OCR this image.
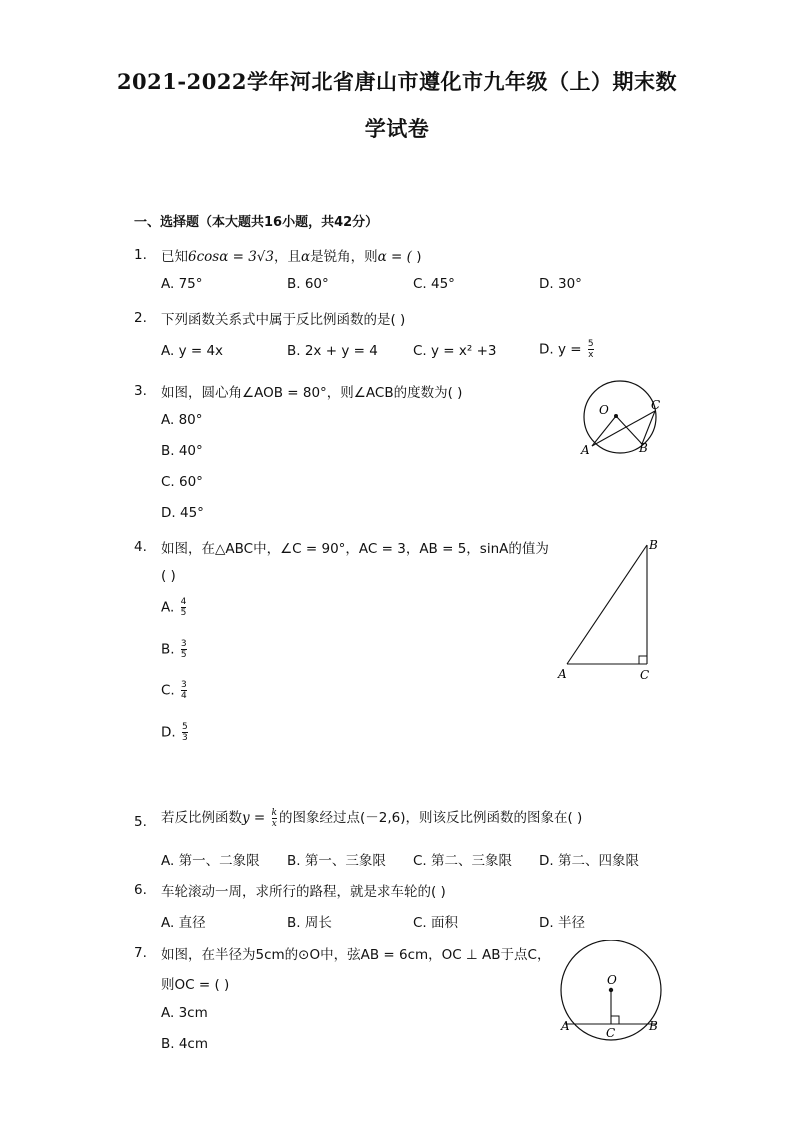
2021-2022学年河北省唐山市遵化市九年级（上）期末数
学试卷
一、选择题（本大题共16小题，共42分）
1.	已知6cosα = 3√3，且α是锐角，则α = ( )
A. 75°	B. 60°	C. 45°	D. 30°
2.	下列函数关系式中属于反比例函数的是( )
A. y = 4x	B. 2x + y = 4	C. y = x² +3	D. $y = \frac{5}{x}$
3.	如图，圆心角∠AOB = 80°，则∠ACB的度数为( )
A. 80°
B. 40°
C. 60°
D. 45°
O
A	B
C
4.	如图，在△ABC中，∠C = 90°，AC = 3，AB = 5，sinA的值为
( )
A. $\frac{4}{5}$
B. $\frac{3}{5}$
C. $\frac{3}{4}$
D. $\frac{5}{3}$
B
A	C
5.	若反比例函数$y = \frac{k}{x}$ 的图象经过点(－2,6)，则该反比例函数的图象在( )
A. 第一、二象限 B. 第一、三象限 C. 第二、三象限 D. 第二、四象限
6.	车轮滚动一周，求所行的路程，就是求车轮的( )
A. 直径	B. 周长	C. 面积	D. 半径
7.	如图，在半径为5cm的⊙O中，弦AB = 6cm，OC ⊥ AB于点C，
则OC = ( )
A. 3cm
B. 4cm
O
A	B
C
